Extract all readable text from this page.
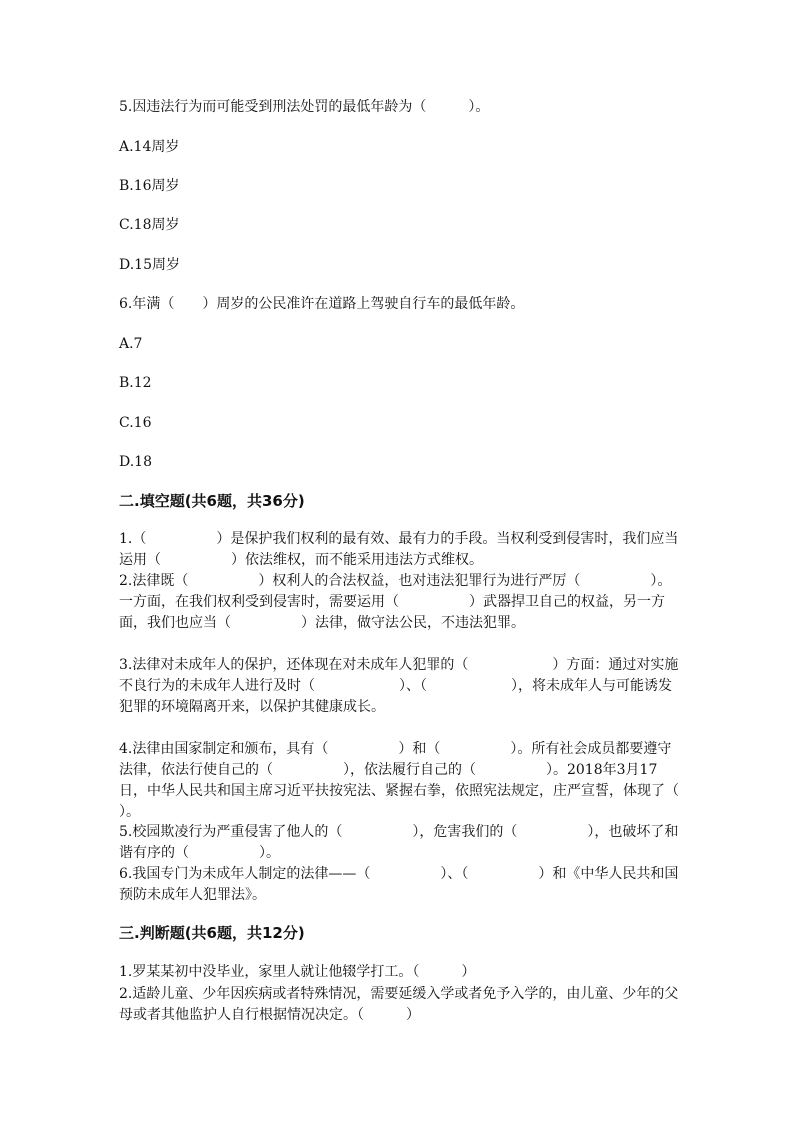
5.因违法行为而可能受到刑法处罚的最低年龄为（　　　）。
A.14周岁
B.16周岁
C.18周岁
D.15周岁
6.年满（　　）周岁的公民准许在道路上驾驶自行车的最低年龄。
A.7
B.12
C.16
D.18
二.填空题(共6题，共36分)
1.（　　　　　）是保护我们权利的最有效、最有力的手段。当权利受到侵害时，我们应当运用（　　　　　）依法维权，而不能采用违法方式维权。
2.法律既（　　　　　）权利人的合法权益，也对违法犯罪行为进行严厉（　　　　　）。一方面，在我们权利受到侵害时，需要运用（　　　　　）武器捍卫自己的权益，另一方面，我们也应当（　　　　　）法律，做守法公民，不违法犯罪。
3.法律对未成年人的保护，还体现在对未成年人犯罪的（　　　　　　）方面：通过对实施不良行为的未成年人进行及时（　　　　　　）、（　　　　　　），将未成年人与可能诱发犯罪的环境隔离开来，以保护其健康成长。
4.法律由国家制定和颁布，具有（　　　　　）和（　　　　　）。所有社会成员都要遵守法律，依法行使自己的（　　　　　），依法履行自己的（　　　　　）。2018年3月17日，中华人民共和国主席习近平扶按宪法、紧握右拳，依照宪法规定，庄严宣誓，体现了（　　　　　）。
5.校园欺凌行为严重侵害了他人的（　　　　　），危害我们的（　　　　　），也破坏了和谐有序的（　　　　　）。
6.我国专门为未成年人制定的法律——（　　　　　）、（　　　　　）和《中华人民共和国预防未成年人犯罪法》。
三.判断题(共6题，共12分)
1.罗某某初中没毕业，家里人就让他辍学打工。（　　　）
2.适龄儿童、少年因疾病或者特殊情况，需要延缓入学或者免予入学的，由儿童、少年的父母或者其他监护人自行根据情况决定。（　　　）
